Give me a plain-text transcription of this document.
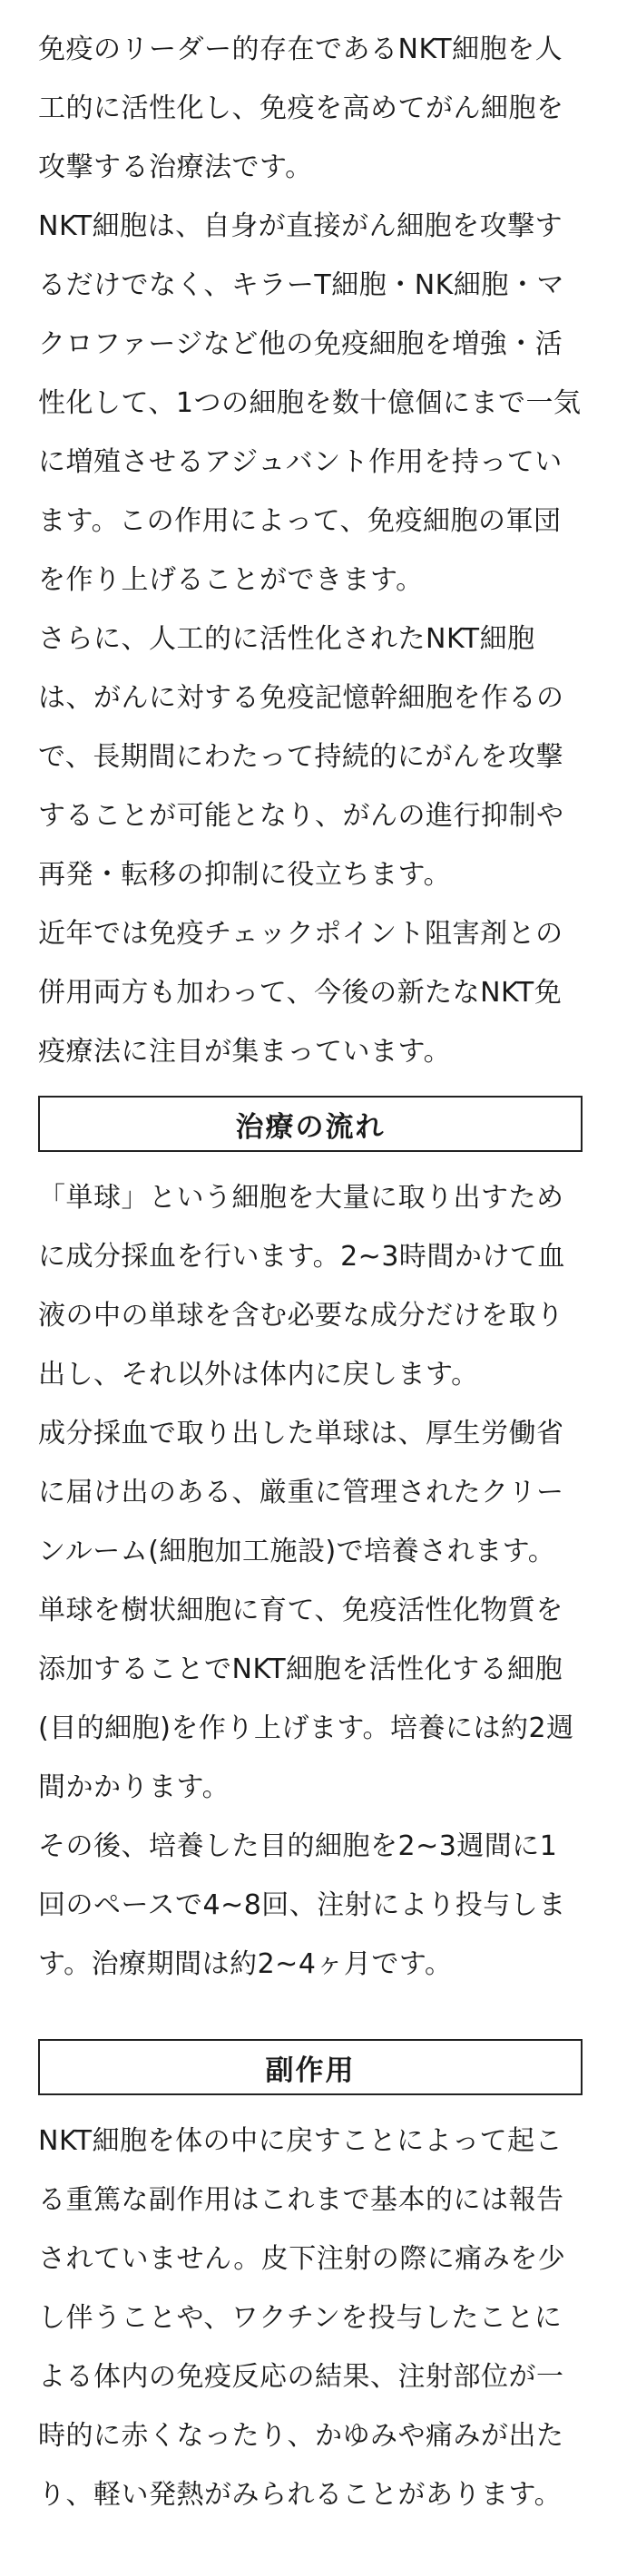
免疫のリーダー的存在であるNKT細胞を人工的に活性化し、免疫を高めてがん細胞を攻撃する治療法です。

NKT細胞は、自身が直接がん細胞を攻撃するだけでなく、キラーT細胞・NK細胞・マクロファージなど他の免疫細胞を増強・活性化して、1つの細胞を数十億個にまで一気に増殖させるアジュバント作用を持っています。この作用によって、免疫細胞の軍団を作り上げることができます。

さらに、人工的に活性化されたNKT細胞は、がんに対する免疫記憶幹細胞を作るので、長期間にわたって持続的にがんを攻撃することが可能となり、がんの進行抑制や再発・転移の抑制に役立ちます。

近年では免疫チェックポイント阻害剤との併用両方も加わって、今後の新たなNKT免疫療法に注目が集まっています。

治療の流れ

「単球」という細胞を大量に取り出すために成分採血を行います。2~3時間かけて血液の中の単球を含む必要な成分だけを取り出し、それ以外は体内に戻します。

成分採血で取り出した単球は、厚生労働省に届け出のある、厳重に管理されたクリーンルーム(細胞加工施設)で培養されます。単球を樹状細胞に育て、免疫活性化物質を添加することでNKT細胞を活性化する細胞(目的細胞)を作り上げます。培養には約2週間かかります。

その後、培養した目的細胞を2~3週間に1回のペースで4~8回、注射により投与します。治療期間は約2~4ヶ月です。

副作用

NKT細胞を体の中に戻すことによって起こる重篤な副作用はこれまで基本的には報告されていません。皮下注射の際に痛みを少し伴うことや、ワクチンを投与したことによる体内の免疫反応の結果、注射部位が一時的に赤くなったり、かゆみや痛みが出たり、軽い発熱がみられることがあります。
